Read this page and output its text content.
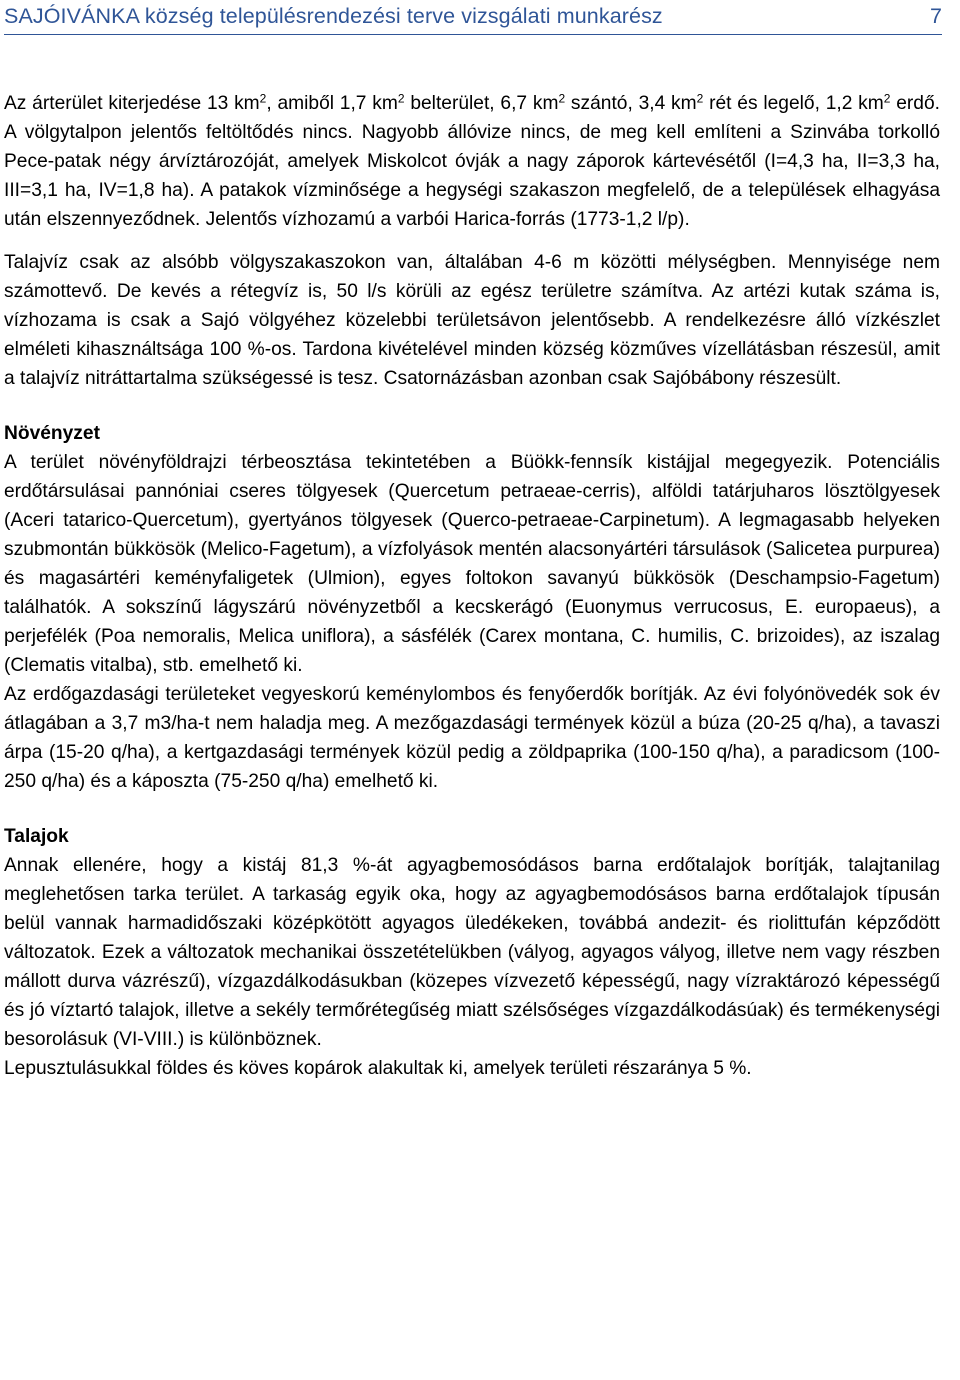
SAJÓIVÁNKA község településrendezési terve vizsgálati munkarész	7

Az árterület kiterjedése 13 $km^2$, amiből 1,7 $km^2$ belterület, 6,7 $km^2$ szántó, 3,4 $km^2$ rét és legelő, 1,2 $km^2$ erdő. A völgytalpon jelentős feltöltődés nincs. Nagyobb állóvize nincs, de meg kell említeni a Szinvába torkolló Pece-patak négy árvíztározóját, amelyek Miskolcot óvják a nagy záporok kártevésétől (I=4,3 ha, II=3,3 ha, III=3,1 ha, IV=1,8 ha). A patakok vízminősége a hegységi szakaszon megfelelő, de a települések elhagyása után elszennyeződnek. Jelentős vízhozamú a varbói Harica-forrás (1773-1,2 l/p).

Talajvíz csak az alsóbb völgyszakaszokon van, általában 4-6 m közötti mélységben. Mennyisége nem számottevő. De kevés a rétegvíz is, 50 l/s körüli az egész területre számítva. Az artézi kutak száma is, vízhozama is csak a Sajó völgyéhez közelebbi területsávon jelentősebb. A rendelkezésre álló vízkészlet elméleti kihasználtsága 100 %-os. Tardona kivételével minden község közműves vízellátásban részesül, amit a talajvíz nitráttartalma szükségessé is tesz. Csatornázásban azonban csak Sajóbábony részesült.

Növényzet

A terület növényföldrajzi térbeosztása tekintetében a Büökk-fennsík kistájjal megegyezik. Potenciális erdőtársulásai pannóniai cseres tölgyesek (Quercetum petraeae-cerris), alföldi tatárjuharos lösztölgyesek (Aceri tatarico-Quercetum), gyertyános tölgyesek (Querco-petraeae-Carpinetum). A legmagasabb helyeken szubmontán bükkösök (Melico-Fagetum), a vízfolyások mentén alacsonyártéri társulások (Salicetea purpurea) és magasártéri keményfaligetek (Ulmion), egyes foltokon savanyú bükkösök (Deschampsio-Fagetum) találhatók. A sokszínű lágyszárú növényzetből a kecskerágó (Euonymus verrucosus, E. europaeus), a perjefélék (Poa nemoralis, Melica uniflora), a sásfélék (Carex montana, C. humilis, C. brizoides), az iszalag (Clematis vitalba), stb. emelhető ki.

Az erdőgazdasági területeket vegyeskorú keménylombos és fenyőerdők borítják. Az évi folyónövedék sok év átlagában a 3,7 m3/ha-t nem haladja meg. A mezőgazdasági termények közül a búza (20-25 q/ha), a tavaszi árpa (15-20 q/ha), a kertgazdasági termények közül pedig a zöldpaprika (100-150 q/ha), a paradicsom (100-250 q/ha) és a káposzta (75-250 q/ha) emelhető ki.

Talajok

Annak ellenére, hogy a kistáj 81,3 %-át agyagbemosódásos barna erdőtalajok borítják, talajtanilag meglehetősen tarka terület. A tarkaság egyik oka, hogy az agyagbemodósásos barna erdőtalajok típusán belül vannak harmadidőszaki középkötött agyagos üledékeken, továbbá andezit- és riolittufán képződött változatok. Ezek a változatok mechanikai összetételükben (vályog, agyagos vályog, illetve nem vagy részben mállott durva vázrészű), vízgazdálkodásukban (közepes vízvezető képességű, nagy vízraktározó képességű és jó víztartó talajok, illetve a sekély termőrétegűség miatt szélsőséges vízgazdálkodásúak) és termékenységi besorolásuk (VI-VIII.) is különböznek.

Lepusztulásukkal földes és köves kopárok alakultak ki, amelyek területi részaránya 5 %.
